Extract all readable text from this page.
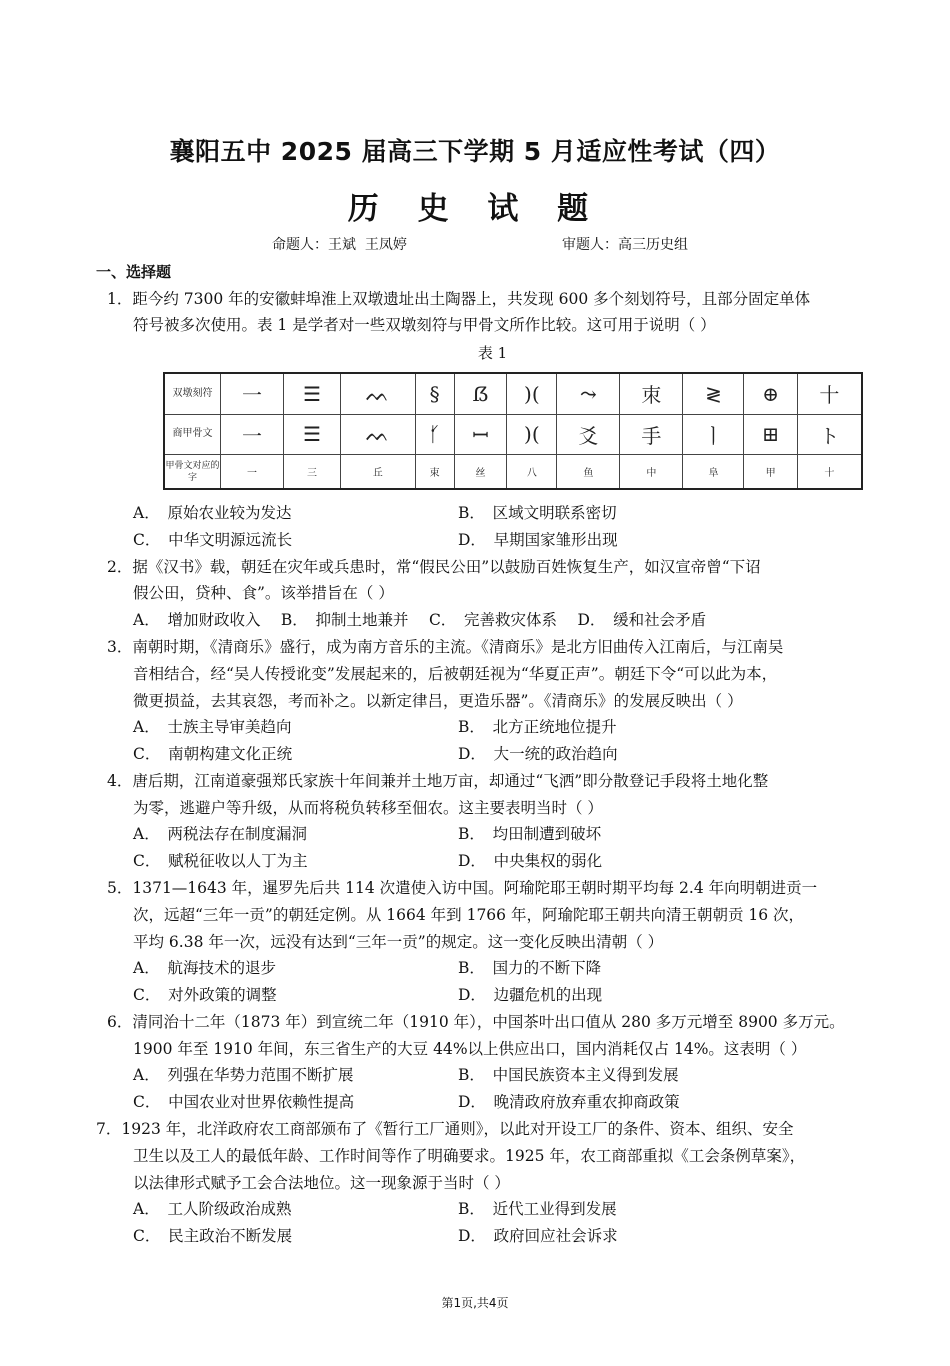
襄阳五中 2025 届高三下学期 5 月适应性考试（四）
历 史 试 题
命题人：王斌  王凤婷	审题人：高三历史组
一、选择题
1．距今约 7300 年的安徽蚌埠淮上双墩遗址出土陶器上，共发现 600 多个刻划符号，且部分固定单体
符号被多次使用。表 1 是学者对一些双墩刻符与甲骨文所作比较。这可用于说明（ ）
表 1
双墩刻符	一	☰	ᨓ	§	ẞ	)(	⤳	朿	≷	⊕	十
商甲骨文	一	☰	ᨓ	ᚶ	ꟷ	)(	⽘	手	ㅣ	⊞	ト
甲骨文对应的字	一	三	丘	束	丝	八	鱼	中	阜	甲	十
A．　原始农业较为发达	B．　区域文明联系密切
C．　中华文明源远流长	D．　早期国家雏形出现
2．据《汉书》载，朝廷在灾年或兵患时，常“假民公田”以鼓励百姓恢复生产，如汉宣帝曾“下诏
假公田，贷种、食”。该举措旨在（ ）
A．　增加财政收入　 B．　抑制土地兼并　 C．　完善救灾体系　 D．　缓和社会矛盾
3．南朝时期，《清商乐》盛行，成为南方音乐的主流。《清商乐》是北方旧曲传入江南后，与江南吴
音相结合，经“吴人传授讹变”发展起来的，后被朝廷视为“华夏正声”。朝廷下令“可以此为本，
微更损益，去其哀怨，考而补之。以新定律吕，更造乐器”。《清商乐》的发展反映出（ ）
A．　士族主导审美趋向	B．　北方正统地位提升
C．　南朝构建文化正统	D．　大一统的政治趋向
4．唐后期，江南道豪强郑氏家族十年间兼并土地万亩，却通过“飞洒”即分散登记手段将土地化整
为零，逃避户等升级，从而将税负转移至佃农。这主要表明当时（ ）
A．　两税法存在制度漏洞	B．　均田制遭到破坏
C．　赋税征收以人丁为主	D．　中央集权的弱化
5．1371—1643 年，暹罗先后共 114 次遣使入访中国。阿瑜陀耶王朝时期平均每 2.4 年向明朝进贡一
次，远超“三年一贡”的朝廷定例。从 1664 年到 1766 年，阿瑜陀耶王朝共向清王朝朝贡 16 次，
平均 6.38 年一次，远没有达到“三年一贡”的规定。这一变化反映出清朝（ ）
A．　航海技术的退步	B．　国力的不断下降
C．　对外政策的调整	D．　边疆危机的出现
6．清同治十二年（1873 年）到宣统二年（1910 年），中国茶叶出口值从 280 多万元增至 8900 多万元。
1900 年至 1910 年间，东三省生产的大豆 44%以上供应出口，国内消耗仅占 14%。这表明（ ）
A．　列强在华势力范围不断扩展	B．　中国民族资本主义得到发展
C．　中国农业对世界依赖性提高	D．　晚清政府放弃重农抑商政策
7．1923 年，北洋政府农工商部颁布了《暂行工厂通则》，以此对开设工厂的条件、资本、组织、安全
卫生以及工人的最低年龄、工作时间等作了明确要求。1925 年，农工商部重拟《工会条例草案》，
以法律形式赋予工会合法地位。这一现象源于当时（ ）
A．　工人阶级政治成熟	B．　近代工业得到发展
C．　民主政治不断发展	D．　政府回应社会诉求
第1页,共4页
